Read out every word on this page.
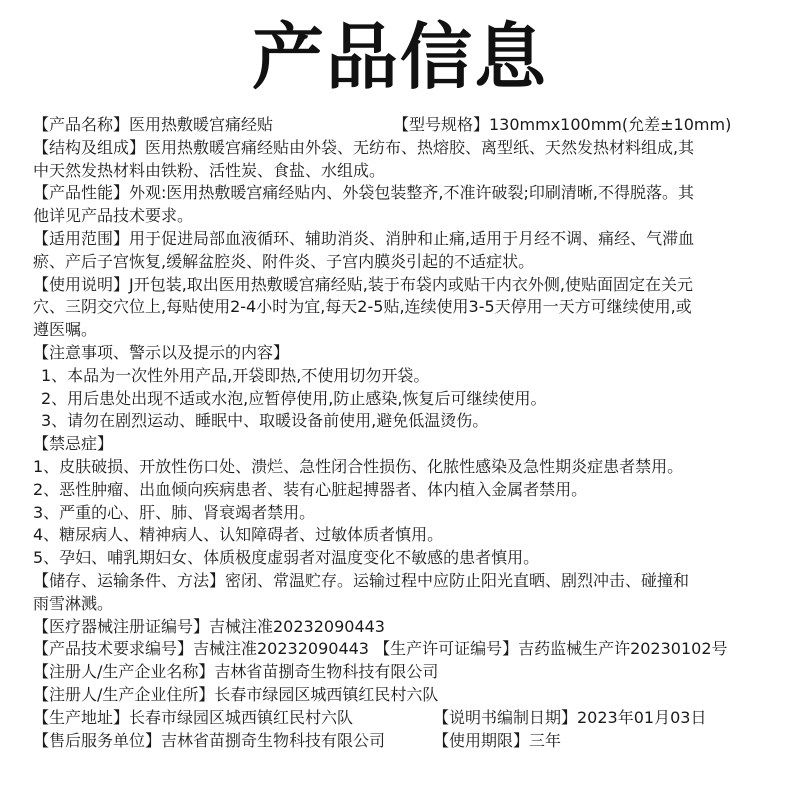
产品信息
【产品名称】医用热敷暖宫痛经贴	【型号规格】130mmx100mm(允差±10mm)
【结构及组成】医用热敷暖宫痛经贴由外袋、无纺布、热熔胶、离型纸、天然发热材料组成,其
中天然发热材料由铁粉、活性炭、食盐、水组成。
【产品性能】外观:医用热敷暖宫痛经贴内、外袋包装整齐,不准许破裂;印刷清晰,不得脱落。其
他详见产品技术要求。
【适用范围】用于促进局部血液循环、辅助消炎、消肿和止痛,适用于月经不调、痛经、气滞血
瘀、产后子宫恢复,缓解盆腔炎、附件炎、子宫内膜炎引起的不适症状。
【使用说明】J开包装,取出医用热敷暖宫痛经贴,装于布袋内或贴干内衣外侧,使贴面固定在关元
穴、三阴交穴位上,每贴使用2-4小时为宜,每天2-5贴,连续使用3-5天停用一天方可继续使用,或
遵医嘱。
【注意事项、警示以及提示的内容】
1、本品为一次性外用产品,开袋即热,不使用切勿开袋。
2、用后患处出现不适或水泡,应暂停使用,防止感染,恢复后可继续使用。
3、请勿在剧烈运动、睡眠中、取暖设备前使用,避免低温烫伤。
【禁忌症】
1、皮肤破损、开放性伤口处、溃烂、急性闭合性损伤、化脓性感染及急性期炎症患者禁用。
2、恶性肿瘤、出血倾向疾病患者、装有心脏起搏器者、体内植入金属者禁用。
3、严重的心、肝、肺、肾衰竭者禁用。
4、糖尿病人、精神病人、认知障碍者、过敏体质者慎用。
5、孕妇、哺乳期妇女、体质极度虚弱者对温度变化不敏感的患者慎用。
【储存、运输条件、方法】密闭、常温贮存。运输过程中应防止阳光直晒、剧烈冲击、碰撞和
雨雪淋溅。
【医疗器械注册证编号】吉械注准20232090443
【产品技术要求编号】吉械注准20232090443 【生产许可证编号】吉药监械生产许20230102号
【注册人/生产企业名称】吉林省苗捌奇生物科技有限公司
【注册人/生产企业住所】长春市绿园区城西镇红民村六队
【生产地址】长春市绿园区城西镇红民村六队	【说明书编制日期】2023年01月03日
【售后服务单位】吉林省苗捌奇生物科技有限公司	【使用期限】三年
